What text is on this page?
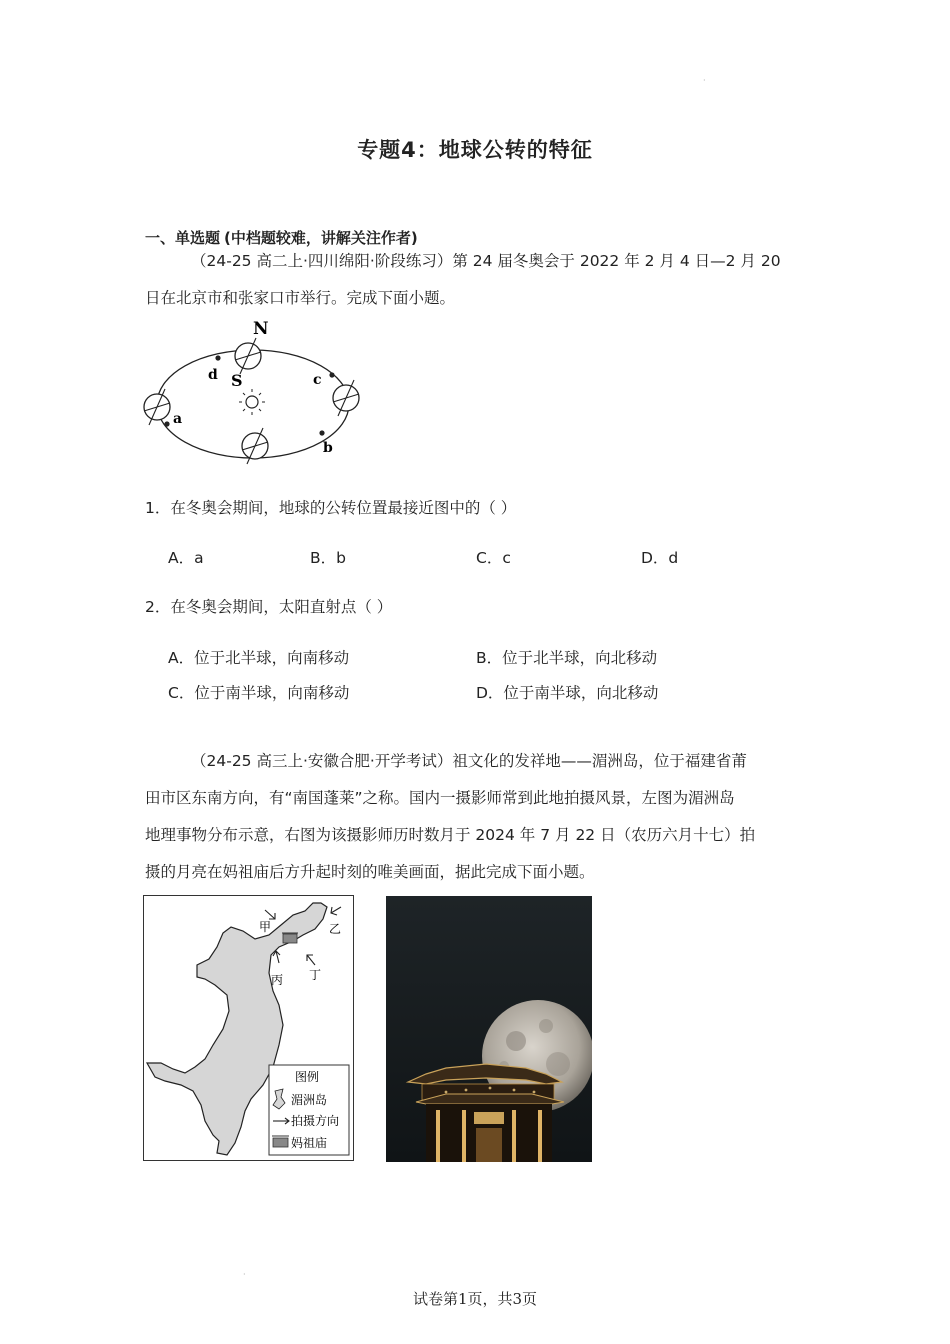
·
专题4：地球公转的特征
一、单选题 (中档题较难，讲解关注作者)
（24-25 高二上·四川绵阳·阶段练习）第 24 届冬奥会于 2022 年 2 月 4 日—2 月 20
日在北京市和张家口市举行。完成下面小题。
N
S
d	c
b
a
1．在冬奥会期间，地球的公转位置最接近图中的（ ）
A．a	B．b	C．c	D．d
2．在冬奥会期间，太阳直射点（ ）
A．位于北半球，向南移动	B．位于北半球，向北移动
C．位于南半球，向南移动	D．位于南半球，向北移动
（24-25 高三上·安徽合肥·开学考试）祖文化的发祥地——湄洲岛，位于福建省莆
田市区东南方向，有“南国蓬莱”之称。国内一摄影师常到此地拍摄风景，左图为湄洲岛
地理事物分布示意，右图为该摄影师历时数月于 2024 年 7 月 22 日（农历六月十七）拍
摄的月亮在妈祖庙后方升起时刻的唯美画面，据此完成下面小题。
甲	乙
丙 丁
图例
湄洲岛
拍摄方向
妈祖庙
·
试卷第1页，共3页
